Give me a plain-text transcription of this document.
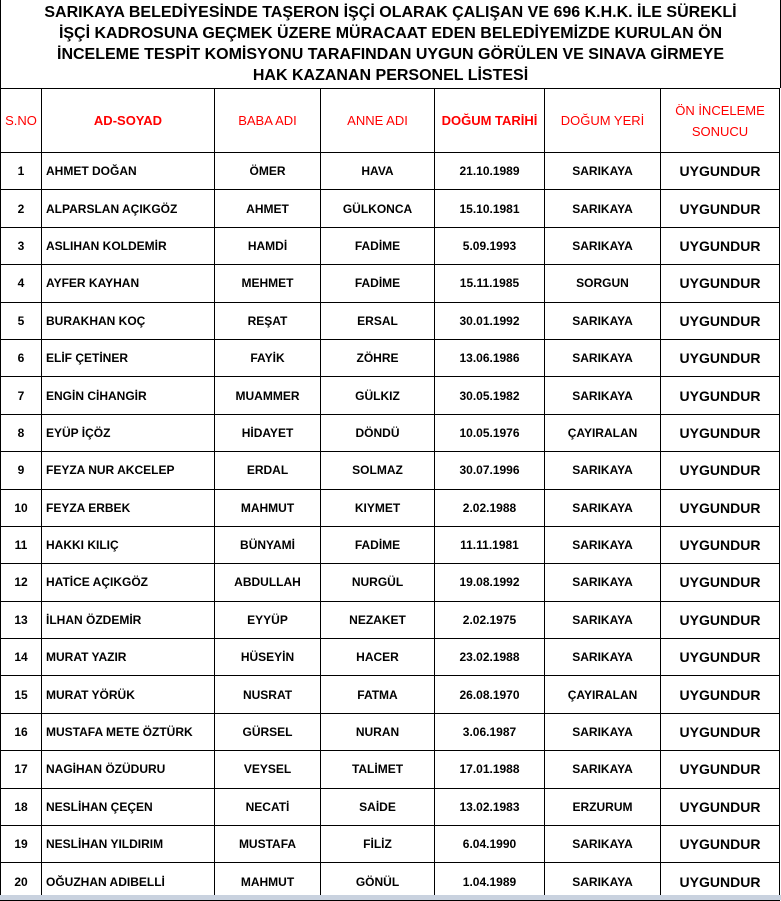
SARIKAYA BELEDİYESİNDE TAŞERON İŞÇİ OLARAK ÇALIŞAN VE 696 K.H.K. İLE SÜREKLİ
İŞÇİ KADROSUNA GEÇMEK ÜZERE MÜRACAAT EDEN BELEDİYEMİZDE KURULAN ÖN
İNCELEME TESPİT KOMİSYONU TARAFINDAN UYGUN GÖRÜLEN VE SINAVA GİRMEYE
HAK KAZANAN PERSONEL LİSTESİ
S.NO	AD-SOYAD	BABA ADI	ANNE ADI	DOĞUM TARİHİ	DOĞUM YERİ	ÖN İNCELEME SONUCU
1	AHMET DOĞAN	ÖMER	HAVA	21.10.1989	SARIKAYA	UYGUNDUR
2	ALPARSLAN AÇIKGÖZ	AHMET	GÜLKONCA	15.10.1981	SARIKAYA	UYGUNDUR
3	ASLIHAN KOLDEMİR	HAMDİ	FADİME	5.09.1993	SARIKAYA	UYGUNDUR
4	AYFER KAYHAN	MEHMET	FADİME	15.11.1985	SORGUN	UYGUNDUR
5	BURAKHAN KOÇ	REŞAT	ERSAL	30.01.1992	SARIKAYA	UYGUNDUR
6	ELİF ÇETİNER	FAYİK	ZÖHRE	13.06.1986	SARIKAYA	UYGUNDUR
7	ENGİN CİHANGİR	MUAMMER	GÜLKIZ	30.05.1982	SARIKAYA	UYGUNDUR
8	EYÜP İÇÖZ	HİDAYET	DÖNDÜ	10.05.1976	ÇAYIRALAN	UYGUNDUR
9	FEYZA NUR AKCELEP	ERDAL	SOLMAZ	30.07.1996	SARIKAYA	UYGUNDUR
10	FEYZA ERBEK	MAHMUT	KIYMET	2.02.1988	SARIKAYA	UYGUNDUR
11	HAKKI KILIÇ	BÜNYAMİ	FADİME	11.11.1981	SARIKAYA	UYGUNDUR
12	HATİCE AÇIKGÖZ	ABDULLAH	NURGÜL	19.08.1992	SARIKAYA	UYGUNDUR
13	İLHAN ÖZDEMİR	EYYÜP	NEZAKET	2.02.1975	SARIKAYA	UYGUNDUR
14	MURAT YAZIR	HÜSEYİN	HACER	23.02.1988	SARIKAYA	UYGUNDUR
15	MURAT YÖRÜK	NUSRAT	FATMA	26.08.1970	ÇAYIRALAN	UYGUNDUR
16	MUSTAFA METE ÖZTÜRK	GÜRSEL	NURAN	3.06.1987	SARIKAYA	UYGUNDUR
17	NAGİHAN ÖZÜDURU	VEYSEL	TALİMET	17.01.1988	SARIKAYA	UYGUNDUR
18	NESLİHAN ÇEÇEN	NECATİ	SAİDE	13.02.1983	ERZURUM	UYGUNDUR
19	NESLİHAN YILDIRIM	MUSTAFA	FİLİZ	6.04.1990	SARIKAYA	UYGUNDUR
20	OĞUZHAN ADIBELLİ	MAHMUT	GÖNÜL	1.04.1989	SARIKAYA	UYGUNDUR
